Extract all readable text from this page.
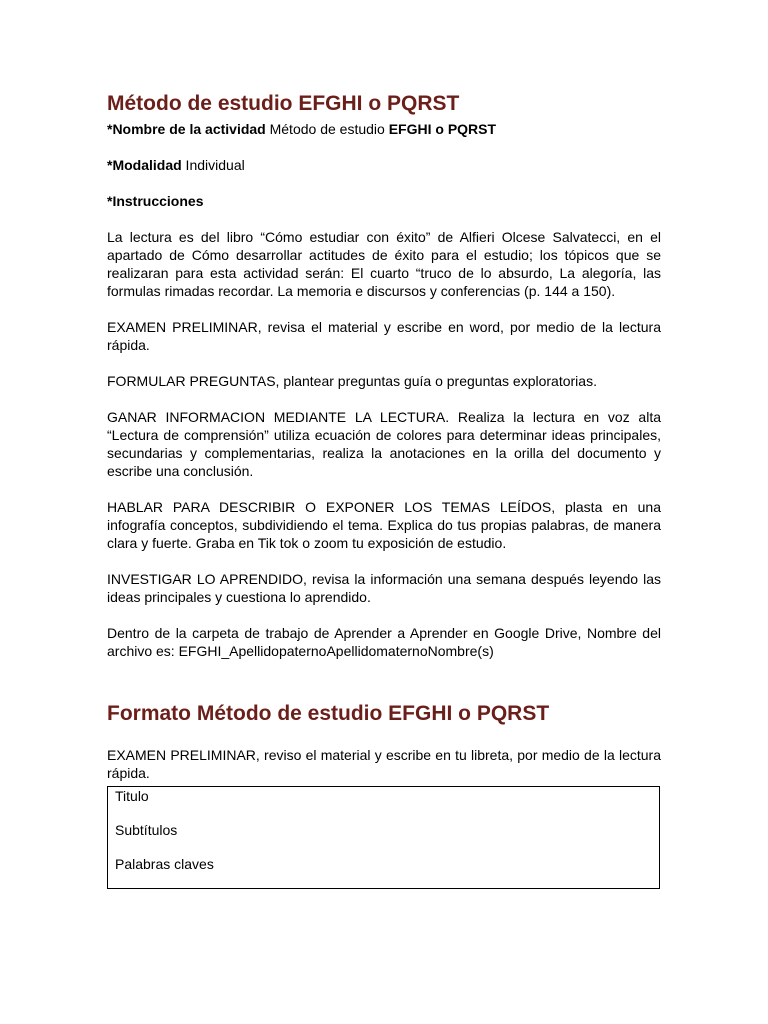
Método de estudio EFGHI o PQRST

*Nombre de la actividad Método de estudio EFGHI o PQRST

*Modalidad Individual

*Instrucciones

La lectura es del libro “Cómo estudiar con éxito” de Alfieri Olcese Salvatecci, en el apartado de Cómo desarrollar actitudes de éxito para el estudio; los tópicos que se realizaran para esta actividad serán: El cuarto “truco de lo absurdo, La alegoría, las formulas rimadas recordar. La memoria e discursos y conferencias (p. 144 a 150).

EXAMEN PRELIMINAR, revisa el material y escribe en word, por medio de la lectura rápida.

FORMULAR PREGUNTAS, plantear preguntas guía o preguntas exploratorias.

GANAR INFORMACION MEDIANTE LA LECTURA. Realiza la lectura en voz alta “Lectura de comprensión” utiliza ecuación de colores para determinar ideas principales, secundarias y complementarias, realiza la anotaciones en la orilla del documento y escribe una conclusión.

HABLAR PARA DESCRIBIR O EXPONER LOS TEMAS LEÍDOS, plasta en una infografía conceptos, subdividiendo el tema. Explica do tus propias palabras, de manera clara y fuerte. Graba en Tik tok o zoom tu exposición de estudio.

INVESTIGAR LO APRENDIDO, revisa la información una semana después leyendo las ideas principales y cuestiona lo aprendido.

Dentro de la carpeta de trabajo de Aprender a Aprender en Google Drive, Nombre del archivo es: EFGHI_ApellidopaternoApellidomaternoNombre(s)

Formato Método de estudio EFGHI o PQRST

EXAMEN PRELIMINAR, reviso el material y escribe en tu libreta, por medio de la lectura rápida.

Titulo

Subtítulos

Palabras claves
